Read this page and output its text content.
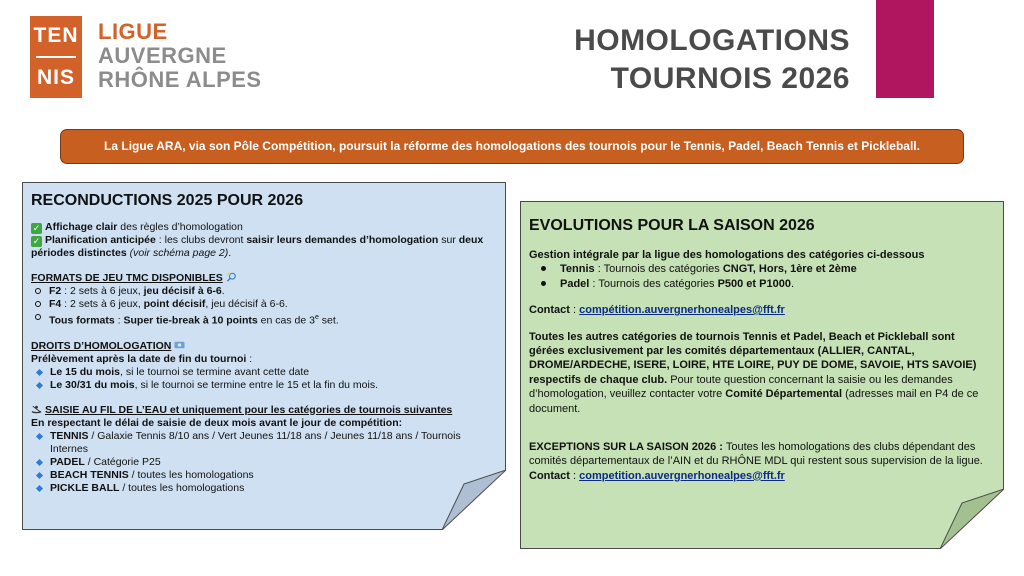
TEN
NIS
LIGUE
AUVERGNE
RHÔNE ALPES
HOMOLOGATIONS
TOURNOIS 2026
La Ligue ARA, via son Pôle Compétition, poursuit la réforme des homologations des tournois pour le Tennis, Padel, Beach Tennis et Pickleball.
RECONDUCTIONS 2025 POUR 2026

✓ Affichage clair des règles d’homologation

✓ Planification anticipée : les clubs devront saisir leurs demandes d’homologation sur deux périodes distinctes (voir schéma page 2).

FORMATS DE JEU TMC DISPONIBLES

F2 : 2 sets à 6 jeux, jeu décisif à 6-6.
F4 : 2 sets à 6 jeux, point décisif, jeu décisif à 6-6.
Tous formats : Super tie-break à 10 points en cas de 3e set.

DROITS D’HOMOLOGATION

Prélèvement après la date de fin du tournoi :

Le 15 du mois, si le tournoi se termine avant cette date
Le 30/31 du mois, si le tournoi se termine entre le 15 et la fin du mois.

SAISIE AU FIL DE L’EAU et uniquement pour les catégories de tournois suivantes

En respectant le délai de saisie de deux mois avant le jour de compétition:

TENNIS / Galaxie Tennis 8/10 ans / Vert Jeunes 11/18 ans / Jeunes 11/18 ans / Tournois Internes
PADEL / Catégorie P25
BEACH TENNIS / toutes les homologations
PICKLE BALL / toutes les homologations
EVOLUTIONS POUR LA SAISON 2026

Gestion intégrale par la ligue des homologations des catégories ci-dessous

Tennis : Tournois des catégories CNGT, Hors, 1ère et 2ème
Padel : Tournois des catégories P500 et P1000.

Contact : compétition.auvergnerhonealpes@fft.fr

Toutes les autres catégories de tournois Tennis et Padel, Beach et Pickleball sont gérées exclusivement par les comités départementaux (ALLIER, CANTAL, DROME/ARDECHE, ISERE, LOIRE, HTE LOIRE, PUY DE DOME, SAVOIE, HTS SAVOIE) respectifs de chaque club. Pour toute question concernant la saisie ou les demandes d’homologation, veuillez contacter votre Comité Départemental (adresses mail en P4 de ce document.

EXCEPTIONS SUR LA SAISON 2026 : Toutes les homologations des clubs dépendant des comités départementaux de l’AIN et du RHÔNE MDL qui restent sous supervision de la ligue. Contact : competition.auvergnerhonealpes@fft.fr
